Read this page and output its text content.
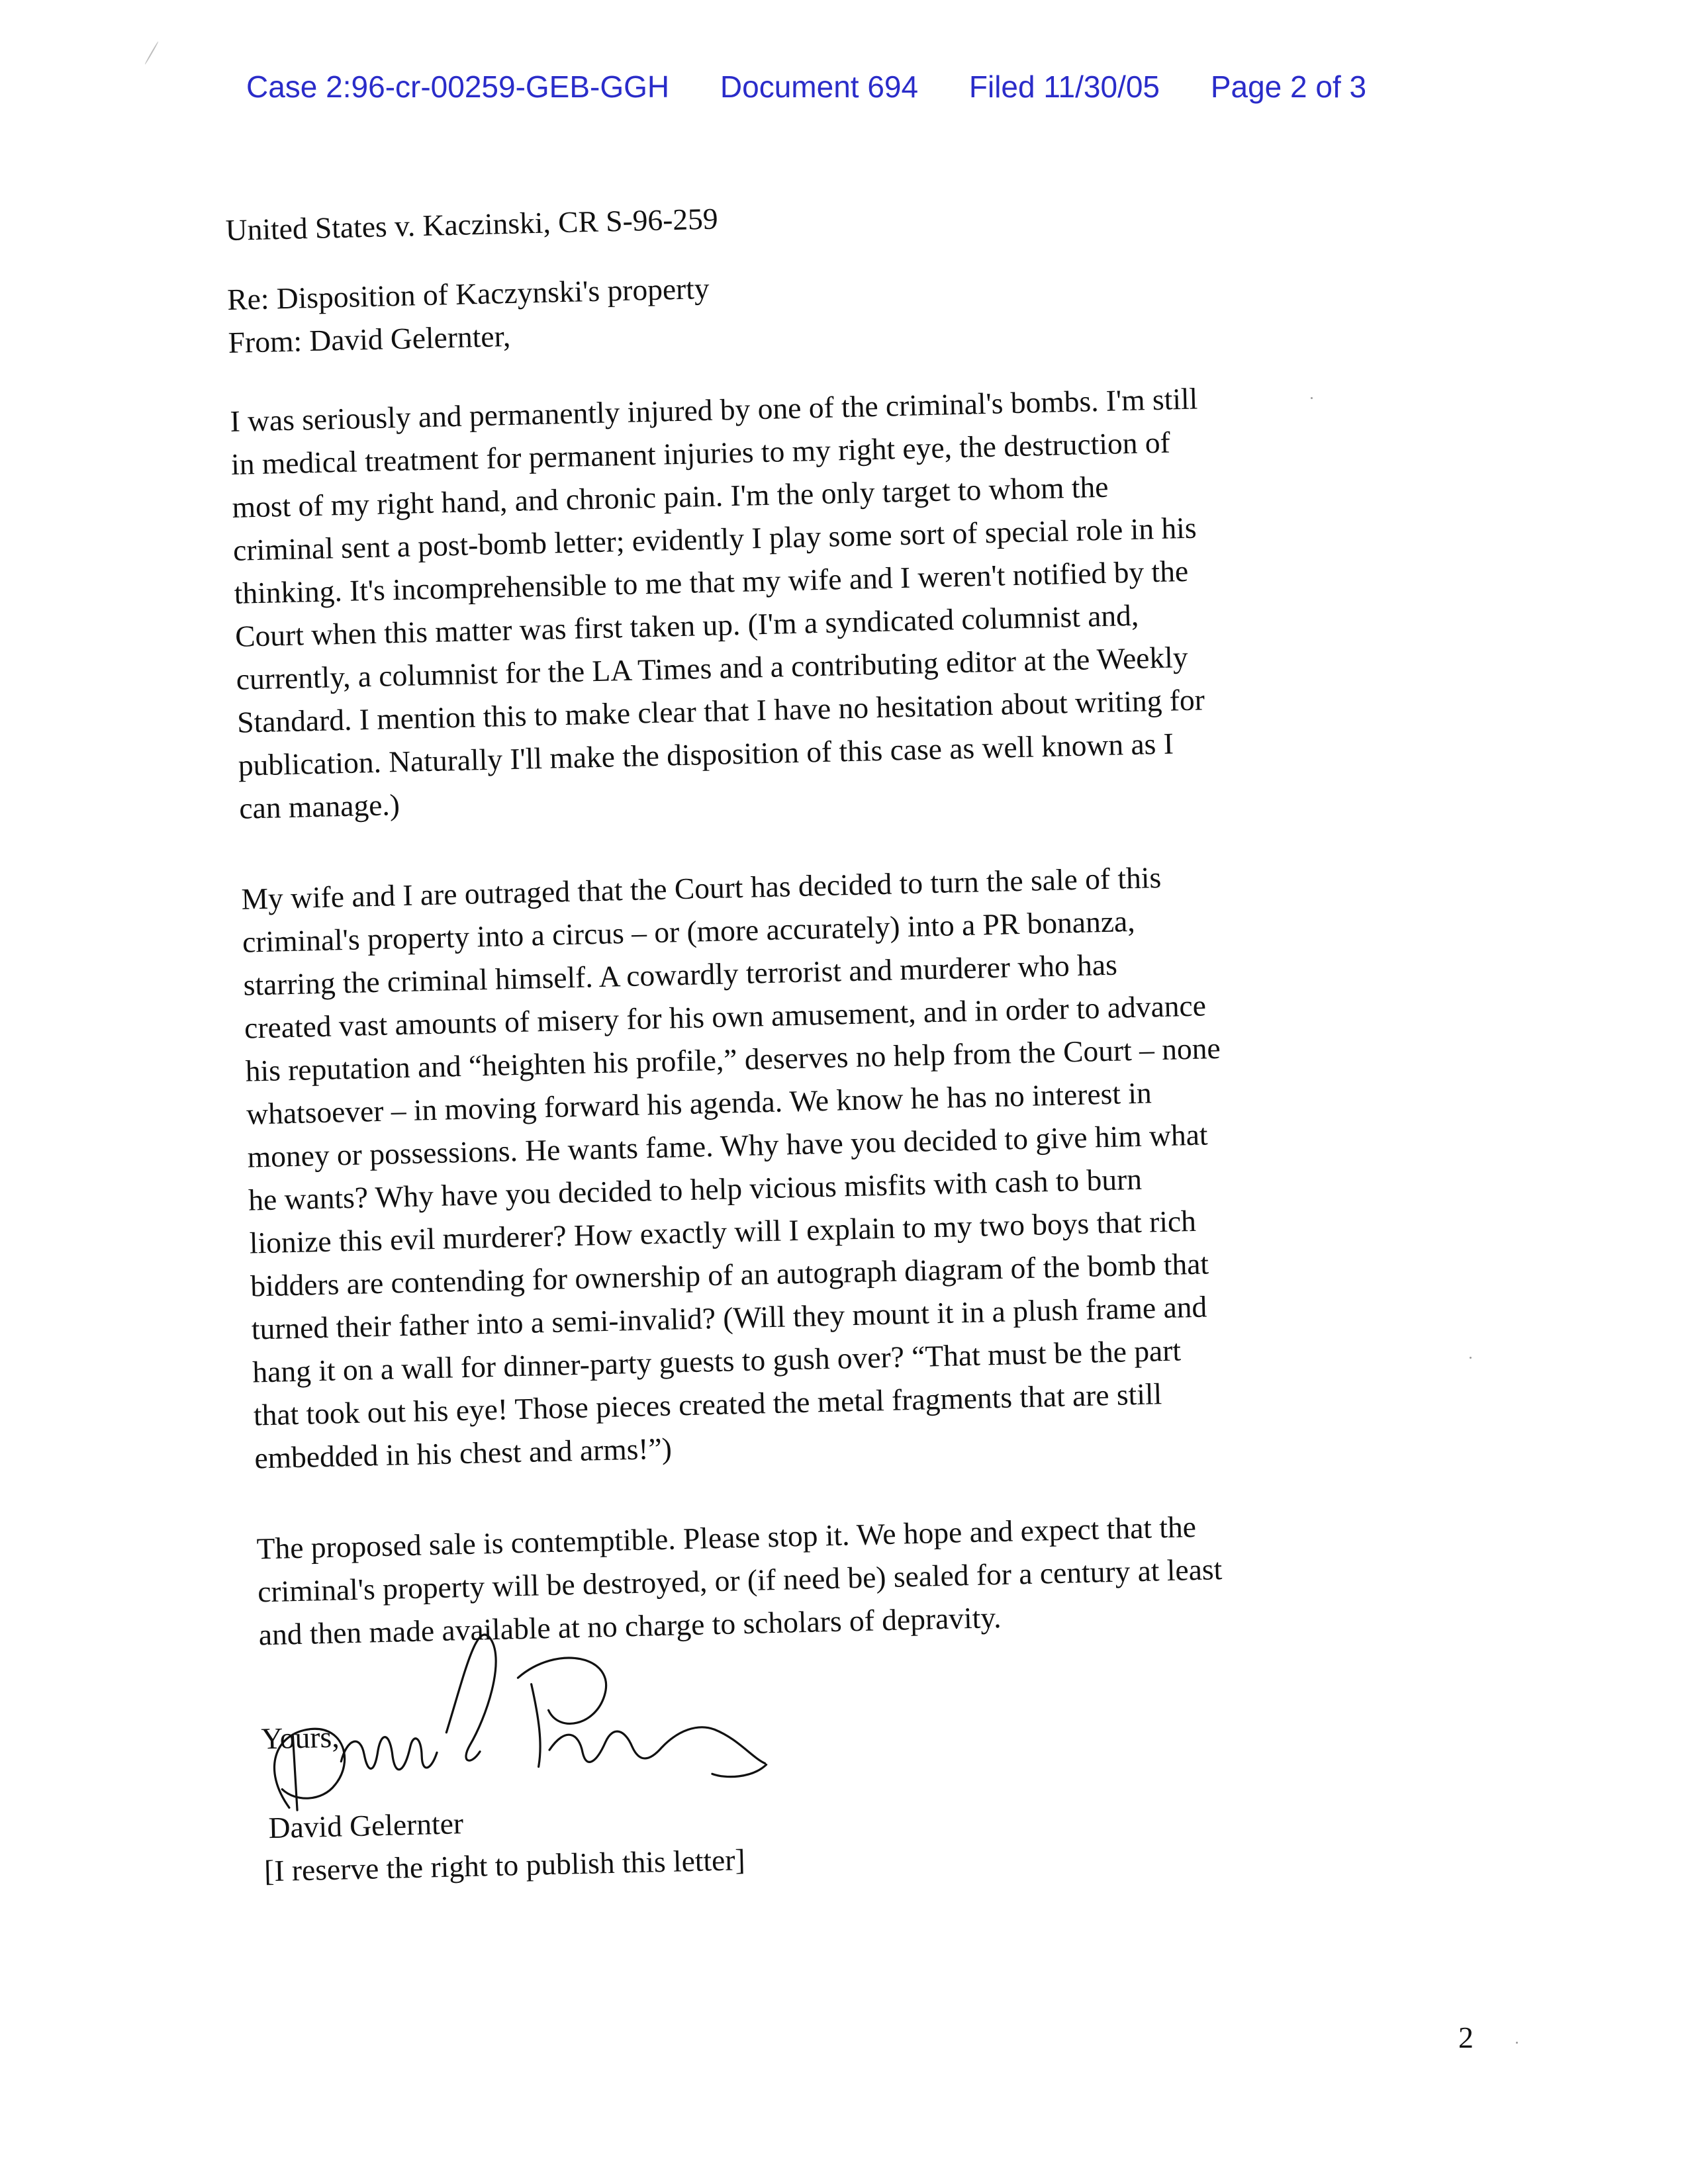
Case 2:96-cr-00259-GEB-GGH Document 694 Filed 11/30/05 Page 2 of 3
United States v. Kaczinski, CR S-96-259
Re: Disposition of Kaczynski's property
From: David Gelernter,

I was seriously and permanently injured by one of the criminal's bombs. I'm still
in medical treatment for permanent injuries to my right eye, the destruction of
most of my right hand, and chronic pain. I'm the only target to whom the
criminal sent a post-bomb letter; evidently I play some sort of special role in his
thinking. It's incomprehensible to me that my wife and I weren't notified by the
Court when this matter was first taken up. (I'm a syndicated columnist and,
currently, a columnist for the LA Times and a contributing editor at the Weekly
Standard. I mention this to make clear that I have no hesitation about writing for
publication. Naturally I'll make the disposition of this case as well known as I
can manage.)

My wife and I are outraged that the Court has decided to turn the sale of this
criminal's property into a circus – or (more accurately) into a PR bonanza,
starring the criminal himself. A cowardly terrorist and murderer who has
created vast amounts of misery for his own amusement, and in order to advance
his reputation and “heighten his profile,” deserves no help from the Court – none
whatsoever – in moving forward his agenda. We know he has no interest in
money or possessions. He wants fame. Why have you decided to give him what
he wants? Why have you decided to help vicious misfits with cash to burn
lionize this evil murderer? How exactly will I explain to my two boys that rich
bidders are contending for ownership of an autograph diagram of the bomb that
turned their father into a semi-invalid? (Will they mount it in a plush frame and
hang it on a wall for dinner-party guests to gush over? “That must be the part
that took out his eye! Those pieces created the metal fragments that are still
embedded in his chest and arms!”)

The proposed sale is contemptible. Please stop it. We hope and expect that the
criminal's property will be destroyed, or (if need be) sealed for a century at least
and then made available at no charge to scholars of depravity.

Yours,
David Gelernter
[I reserve the right to publish this letter]
2
